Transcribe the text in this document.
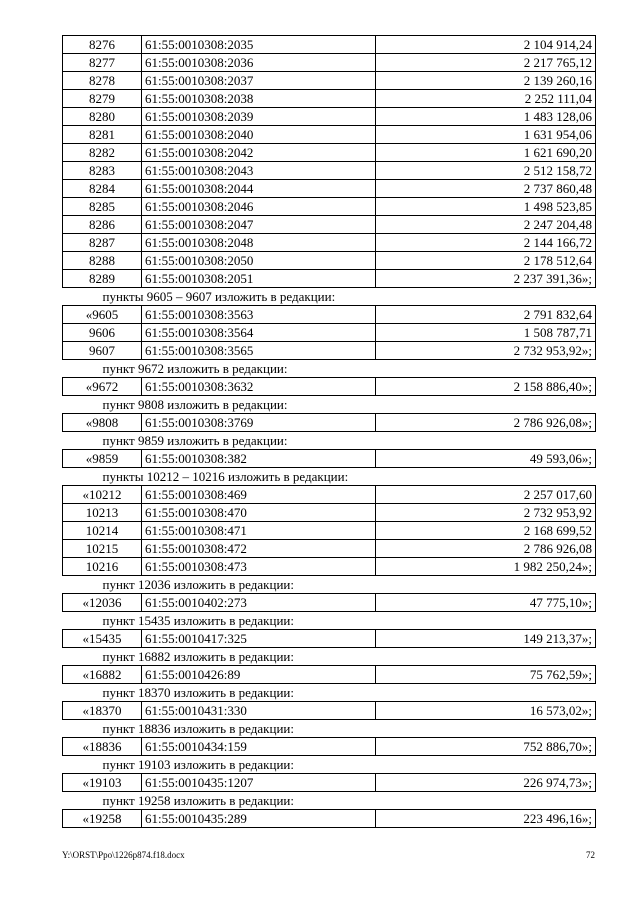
8276	61:55:0010308:2035	2 104 914,24
8277	61:55:0010308:2036	2 217 765,12
8278	61:55:0010308:2037	2 139 260,16
8279	61:55:0010308:2038	2 252 111,04
8280	61:55:0010308:2039	1 483 128,06
8281	61:55:0010308:2040	1 631 954,06
8282	61:55:0010308:2042	1 621 690,20
8283	61:55:0010308:2043	2 512 158,72
8284	61:55:0010308:2044	2 737 860,48
8285	61:55:0010308:2046	1 498 523,85
8286	61:55:0010308:2047	2 247 204,48
8287	61:55:0010308:2048	2 144 166,72
8288	61:55:0010308:2050	2 178 512,64
8289	61:55:0010308:2051	2 237 391,36»;
пункты 9605 – 9607 изложить в редакции:		
«9605	61:55:0010308:3563	2 791 832,64
9606	61:55:0010308:3564	1 508 787,71
9607	61:55:0010308:3565	2 732 953,92»;
пункт 9672 изложить в редакции:		
«9672	61:55:0010308:3632	2 158 886,40»;
пункт 9808 изложить в редакции:		
«9808	61:55:0010308:3769	2 786 926,08»;
пункт 9859 изложить в редакции:		
«9859	61:55:0010308:382	49 593,06»;
пункты 10212 – 10216 изложить в редакции:		
«10212	61:55:0010308:469	2 257 017,60
10213	61:55:0010308:470	2 732 953,92
10214	61:55:0010308:471	2 168 699,52
10215	61:55:0010308:472	2 786 926,08
10216	61:55:0010308:473	1 982 250,24»;
пункт 12036 изложить в редакции:		
«12036	61:55:0010402:273	47 775,10»;
пункт 15435 изложить в редакции:		
«15435	61:55:0010417:325	149 213,37»;
пункт 16882 изложить в редакции:		
«16882	61:55:0010426:89	75 762,59»;
пункт 18370 изложить в редакции:		
«18370	61:55:0010431:330	16 573,02»;
пункт 18836 изложить в редакции:		
«18836	61:55:0010434:159	752 886,70»;
пункт 19103 изложить в редакции:		
«19103	61:55:0010435:1207	226 974,73»;
пункт 19258 изложить в редакции:		
«19258	61:55:0010435:289	223 496,16»;
Y:\ORST\Ppo\1226p874.f18.docx	72
